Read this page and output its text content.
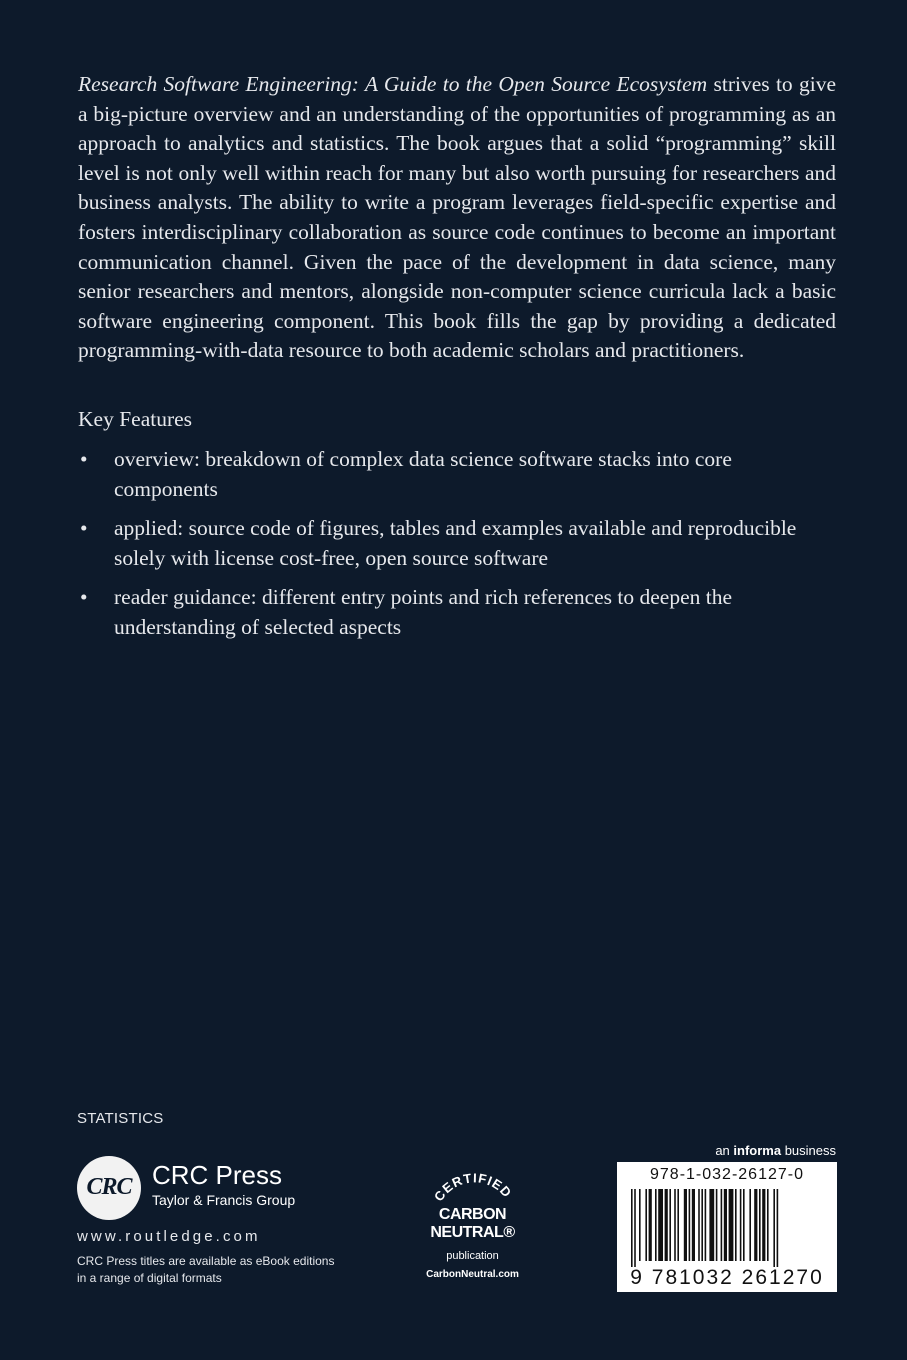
Research Software Engineering: A Guide to the Open Source Ecosystem strives to give a big-picture overview and an understanding of the opportunities of programming as an approach to analytics and statistics. The book argues that a solid “programming” skill level is not only well within reach for many but also worth pursuing for researchers and business analysts. The ability to write a program leverages field-specific expertise and fosters interdisciplinary collaboration as source code continues to become an important communication channel. Given the pace of the development in data science, many senior researchers and mentors, alongside non-computer science curricula lack a basic software engineering component. This book fills the gap by providing a dedicated programming-with-data resource to both academic scholars and practitioners.

Key Features

• overview: breakdown of complex data science software stacks into core components
• applied: source code of figures, tables and examples available and reproducible solely with license cost-free, open source software
• reader guidance: different entry points and rich references to deepen the understanding of selected aspects
STATISTICS
CRC CRC Press
Taylor & Francis Group
www.routledge.com
CRC Press titles are available as eBook editions in a range of digital formats
CERTIFIED
CARBON
NEUTRAL®
publication
CarbonNeutral.com
an informa business
978-1-032-26127-0
9 781032 261270
